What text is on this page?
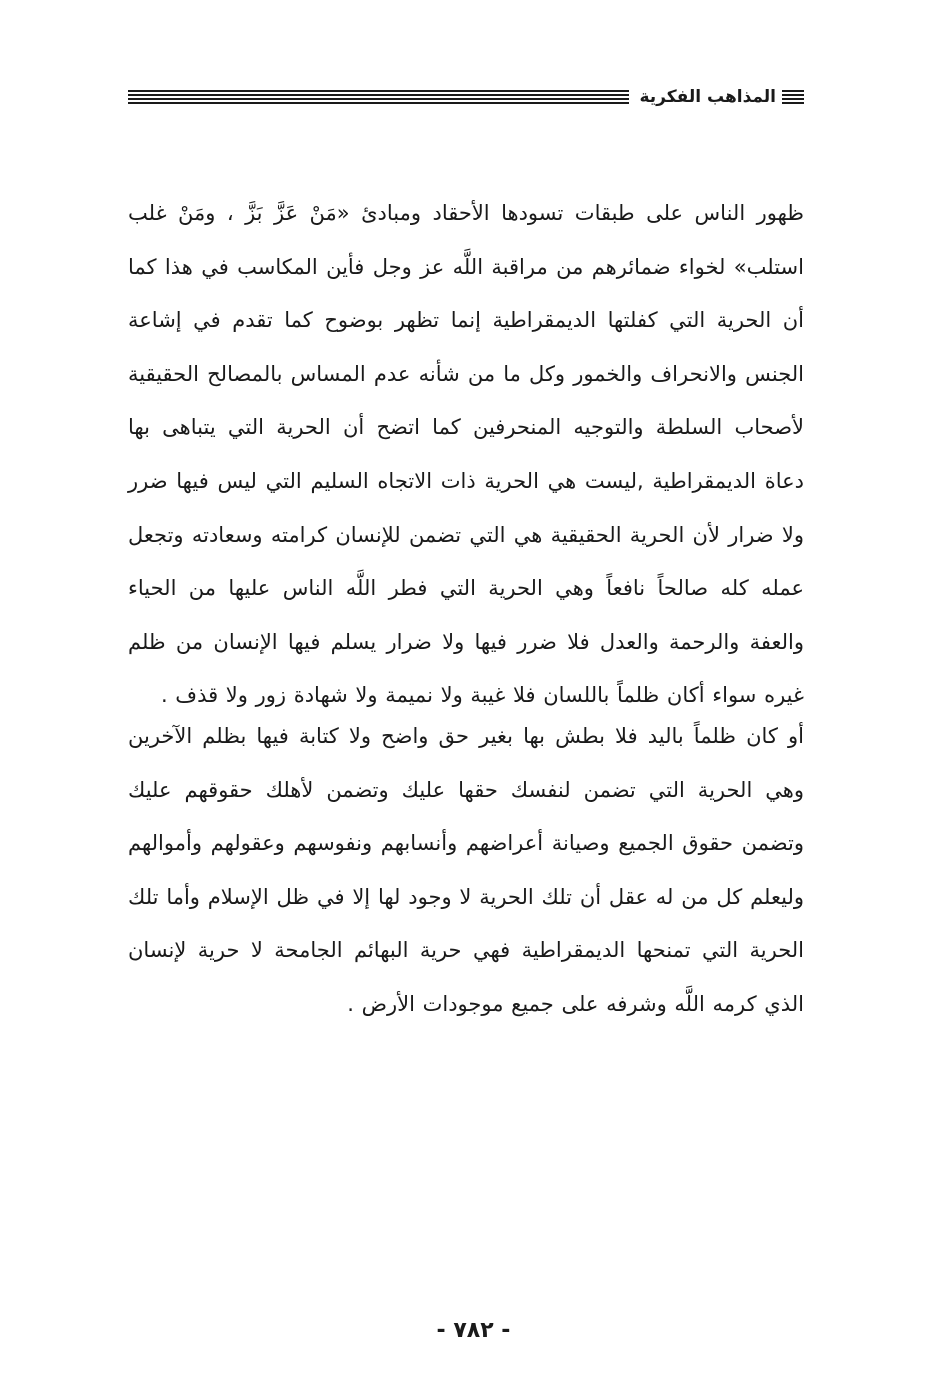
المذاهب الفكرية

ظهور الناس على طبقات تسودها الأحقاد ومبادئ «مَنْ عَزَّ بَزَّ ، ومَنْ غلب استلب» لخواء ضمائرهم من مراقبة اللَّه عز وجل فأين المكاسب في هذا كما أن الحرية التي كفلتها الديمقراطية إنما تظهر بوضوح كما تقدم في إشاعة الجنس والانحراف والخمور وكل ما من شأنه عدم المساس بالمصالح الحقيقية لأصحاب السلطة والتوجيه المنحرفين كما اتضح أن الحرية التي يتباهى بها دعاة الديمقراطية ,ليست هي الحرية ذات الاتجاه السليم التي ليس فيها ضرر ولا ضرار لأن الحرية الحقيقية هي التي تضمن للإنسان كرامته وسعادته وتجعل عمله كله صالحاً نافعاً وهي الحرية التي فطر اللَّه الناس عليها من الحياء والعفة والرحمة والعدل فلا ضرر فيها ولا ضرار يسلم فيها الإنسان من ظلم غيره سواء أكان ظلماً باللسان فلا غيبة ولا نميمة ولا شهادة زور ولا قذف .

أو كان ظلماً باليد فلا بطش بها بغير حق واضح ولا كتابة فيها بظلم الآخرين وهي الحرية التي تضمن لنفسك حقها عليك وتضمن لأهلك حقوقهم عليك وتضمن حقوق الجميع وصيانة أعراضهم وأنسابهم ونفوسهم وعقولهم وأموالهم وليعلم كل من له عقل أن تلك الحرية لا وجود لها إلا في ظل الإسلام وأما تلك الحرية التي تمنحها الديمقراطية فهي حرية البهائم الجامحة لا حرية لإنسان الذي كرمه اللَّه وشرفه على جميع موجودات الأرض .

- ٧٨٢ -
